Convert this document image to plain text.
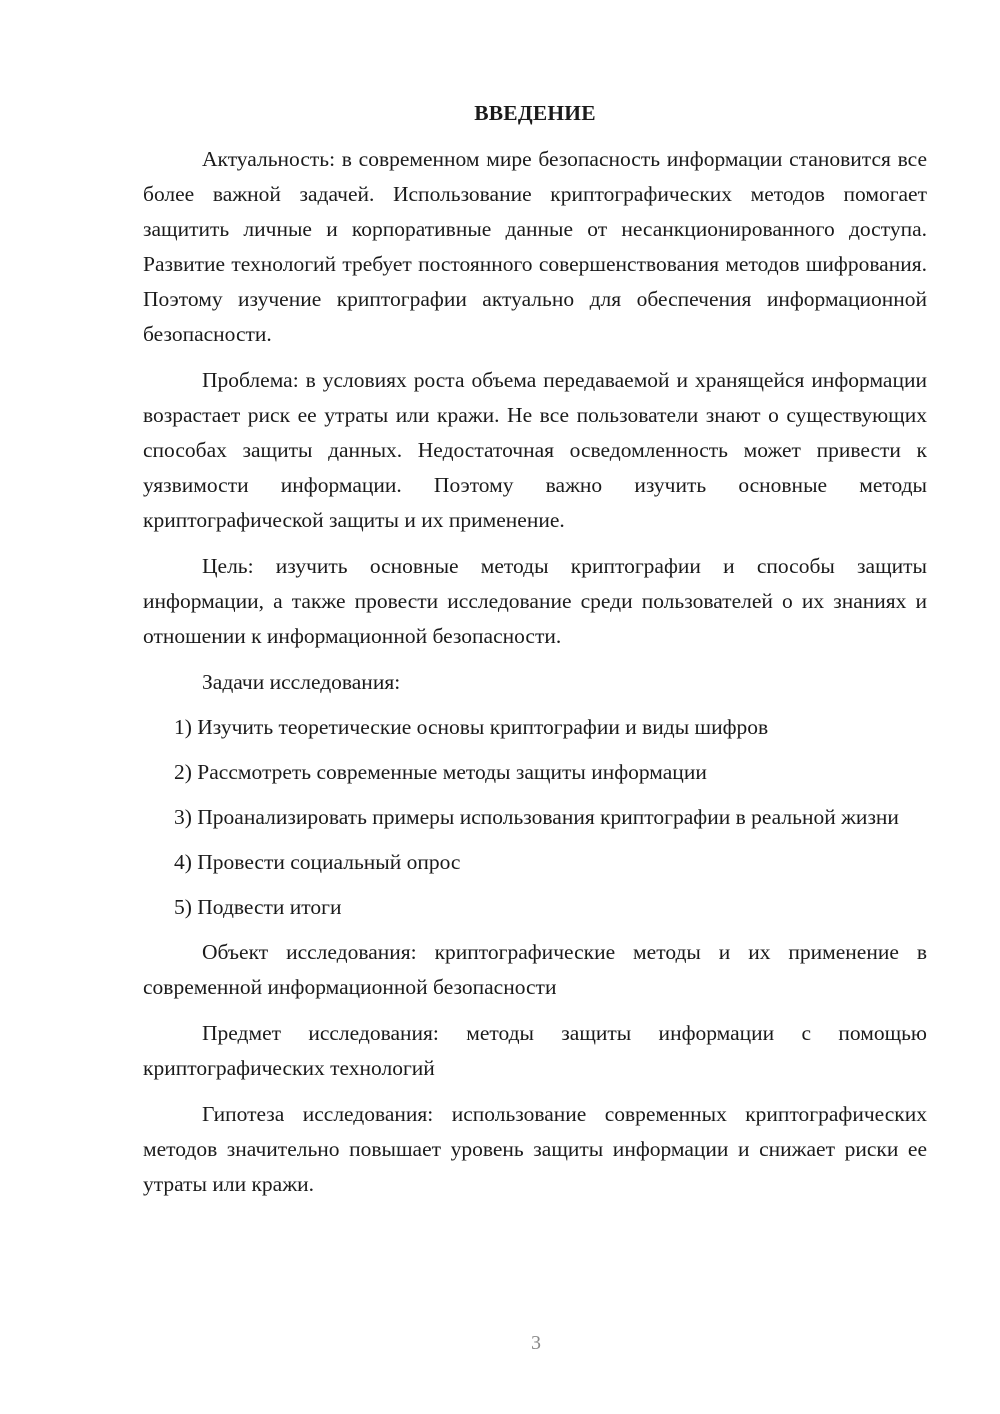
ВВЕДЕНИЕ

Актуальность: в современном мире безопасность информации становится все более важной задачей. Использование криптографических методов помогает защитить личные и корпоративные данные от несанкционированного доступа. Развитие технологий требует постоянного совершенствования методов шифрования. Поэтому изучение криптографии актуально для обеспечения информационной безопасности.

Проблема: в условиях роста объема передаваемой и хранящейся информации возрастает риск ее утраты или кражи. Не все пользователи знают о существующих способах защиты данных. Недостаточная осведомленность может привести к уязвимости информации. Поэтому важно изучить основные методы криптографической защиты и их применение.

Цель: изучить основные методы криптографии и способы защиты информации, а также провести исследование среди пользователей о их знаниях и отношении к информационной безопасности.

Задачи исследования:

1) Изучить теоретические основы криптографии и виды шифров

2) Рассмотреть современные методы защиты информации

3) Проанализировать примеры использования криптографии в реальной жизни

4) Провести социальный опрос

5) Подвести итоги

Объект исследования: криптографические методы и их применение в современной информационной безопасности

Предмет исследования: методы защиты информации с помощью криптографических технологий

Гипотеза исследования: использование современных криптографических методов значительно повышает уровень защиты информации и снижает риски ее утраты или кражи.

3
